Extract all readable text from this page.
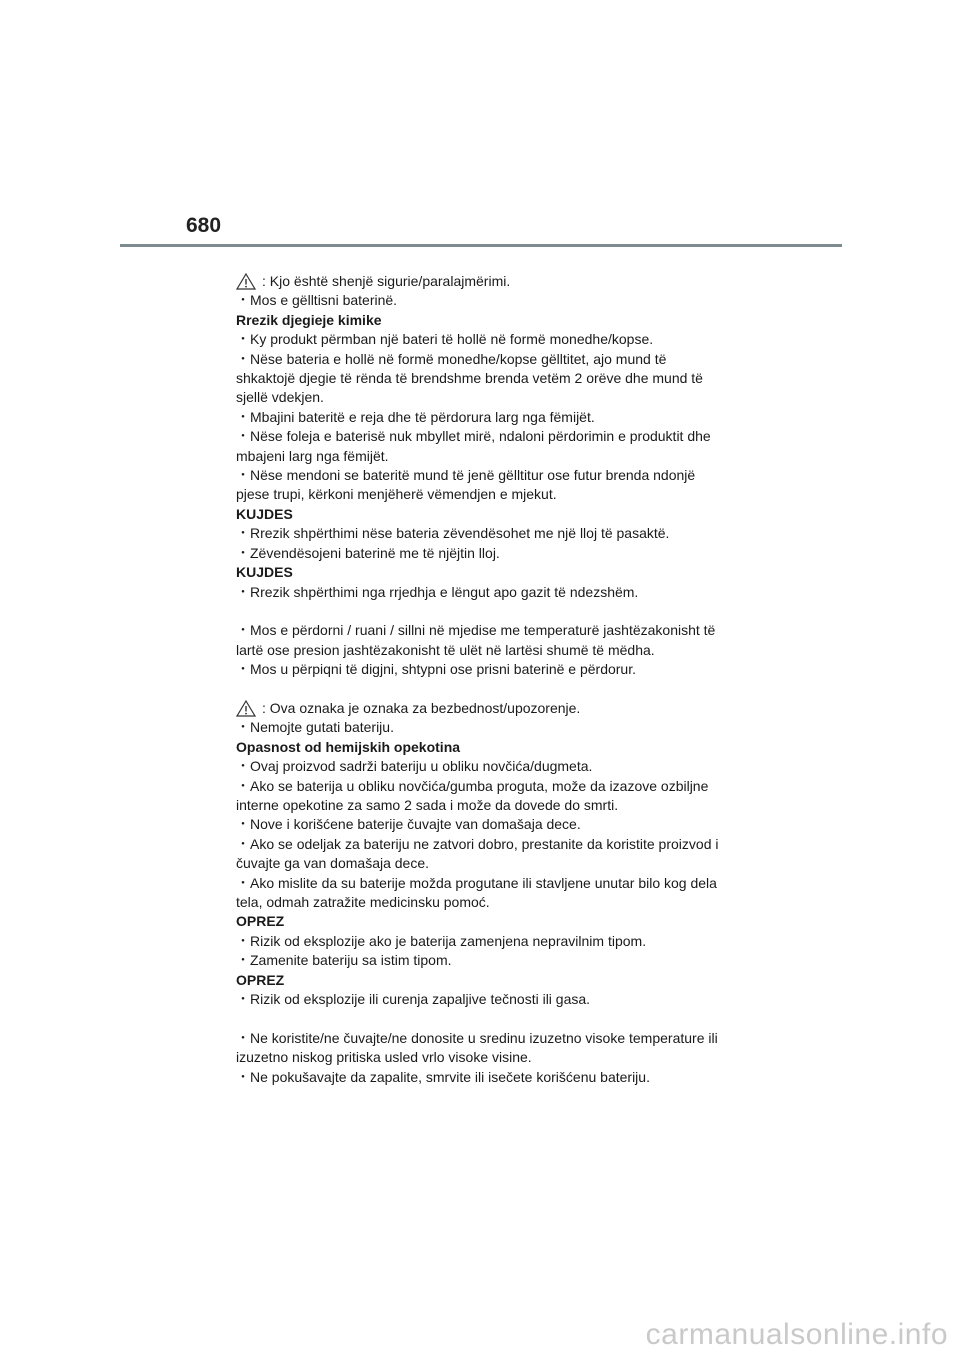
680
: Kjo është shenjë sigurie/paralajmërimi.
・ Mos e gëlltisni baterinë.
Rrezik djegieje kimike
・ Ky produkt përmban një bateri të hollë në formë monedhe/kopse.
・ Nëse bateria e hollë në formë monedhe/kopse gëlltitet, ajo mund të
shkaktojë djegie të rënda të brendshme brenda vetëm 2 orëve dhe mund të
sjellë vdekjen.
・ Mbajini bateritë e reja dhe të përdorura larg nga fëmijët.
・ Nëse foleja e baterisë nuk mbyllet mirë, ndaloni përdorimin e produktit dhe
mbajeni larg nga fëmijët.
・ Nëse mendoni se bateritë mund të jenë gëlltitur ose futur brenda ndonjë
pjese trupi, kërkoni menjëherë vëmendjen e mjekut.
KUJDES
・ Rrezik shpërthimi nëse bateria zëvendësohet me një lloj të pasaktë.
・ Zëvendësojeni baterinë me të njëjtin lloj.
KUJDES
・ Rrezik shpërthimi nga rrjedhja e lëngut apo gazit të ndezshëm.
・ Mos e përdorni / ruani / sillni në mjedise me temperaturë jashtëzakonisht të
lartë ose presion jashtëzakonisht të ulët në lartësi shumë të mëdha.
・ Mos u përpiqni të digjni, shtypni ose prisni baterinë e përdorur.
: Ova oznaka je oznaka za bezbednost/upozorenje.
・ Nemojte gutati bateriju.
Opasnost od hemijskih opekotina
・ Ovaj proizvod sadrži bateriju u obliku novčića/dugmeta.
・ Ako se baterija u obliku novčića/gumba proguta, može da izazove ozbiljne
interne opekotine za samo 2 sada i može da dovede do smrti.
・ Nove i korišćene baterije čuvajte van domašaja dece.
・ Ako se odeljak za bateriju ne zatvori dobro, prestanite da koristite proizvod i
čuvajte ga van domašaja dece.
・ Ako mislite da su baterije možda progutane ili stavljene unutar bilo kog dela
tela, odmah zatražite medicinsku pomoć.
OPREZ
・ Rizik od eksplozije ako je baterija zamenjena nepravilnim tipom.
・ Zamenite bateriju sa istim tipom.
OPREZ
・ Rizik od eksplozije ili curenja zapaljive tečnosti ili gasa.
・ Ne koristite/ne čuvajte/ne donosite u sredinu izuzetno visoke temperature ili
izuzetno niskog pritiska usled vrlo visoke visine.
・ Ne pokušavajte da zapalite, smrvite ili isečete korišćenu bateriju.
carmanualsonline.info
